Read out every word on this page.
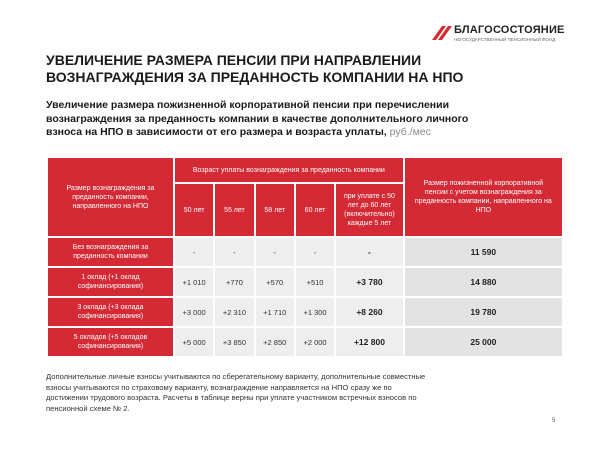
БЛАГОСОСТОЯНИЕ
НЕГОСУДАРСТВЕННЫЙ ПЕНСИОННЫЙ ФОНД
УВЕЛИЧЕНИЕ РАЗМЕРА ПЕНСИИ ПРИ НАПРАВЛЕНИИ
ВОЗНАГРАЖДЕНИЯ ЗА ПРЕДАННОСТЬ КОМПАНИИ НА НПО
Увеличение размера пожизненной корпоративной пенсии при перечислении
вознаграждения за преданность компании в качестве дополнительного личного
взноса на НПО в зависимости от его размера и возраста уплаты, руб./мес
Размер вознаграждения за преданность компании, направленного на НПО	Возраст уплаты вознаграждения за преданность компании					Размер пожизненной корпоративной пенсии с учетом вознаграждения за преданность компании, направленного на НПО
	50 лет	55 лет	58 лет	60 лет	при уплате с 50 лет до 60 лет (включительно) каждые 5 лет	
Без вознаграждения за преданность компании	-	-	-	-	-	11 590
1 оклад (+1 оклад софинансирования)	+1 010	+770	+570	+510	+3 780	14 880
3 оклада (+3 оклада софинансирования)	+3 000	+2 310	+1 710	+1 300	+8 260	19 780
5 окладов (+5 окладов софинансирования)	+5 000	+3 850	+2 850	+2 000	+12 800	25 000
Дополнительные личные взносы учитываются по сберегательному варианту, дополнительные совместные
взносы учитываются по страховому варианту, вознаграждение направляется на НПО сразу же по
достижении трудового возраста. Расчеты в таблице верны при уплате участником встречных взносов по
пенсионной схеме № 2.
5
